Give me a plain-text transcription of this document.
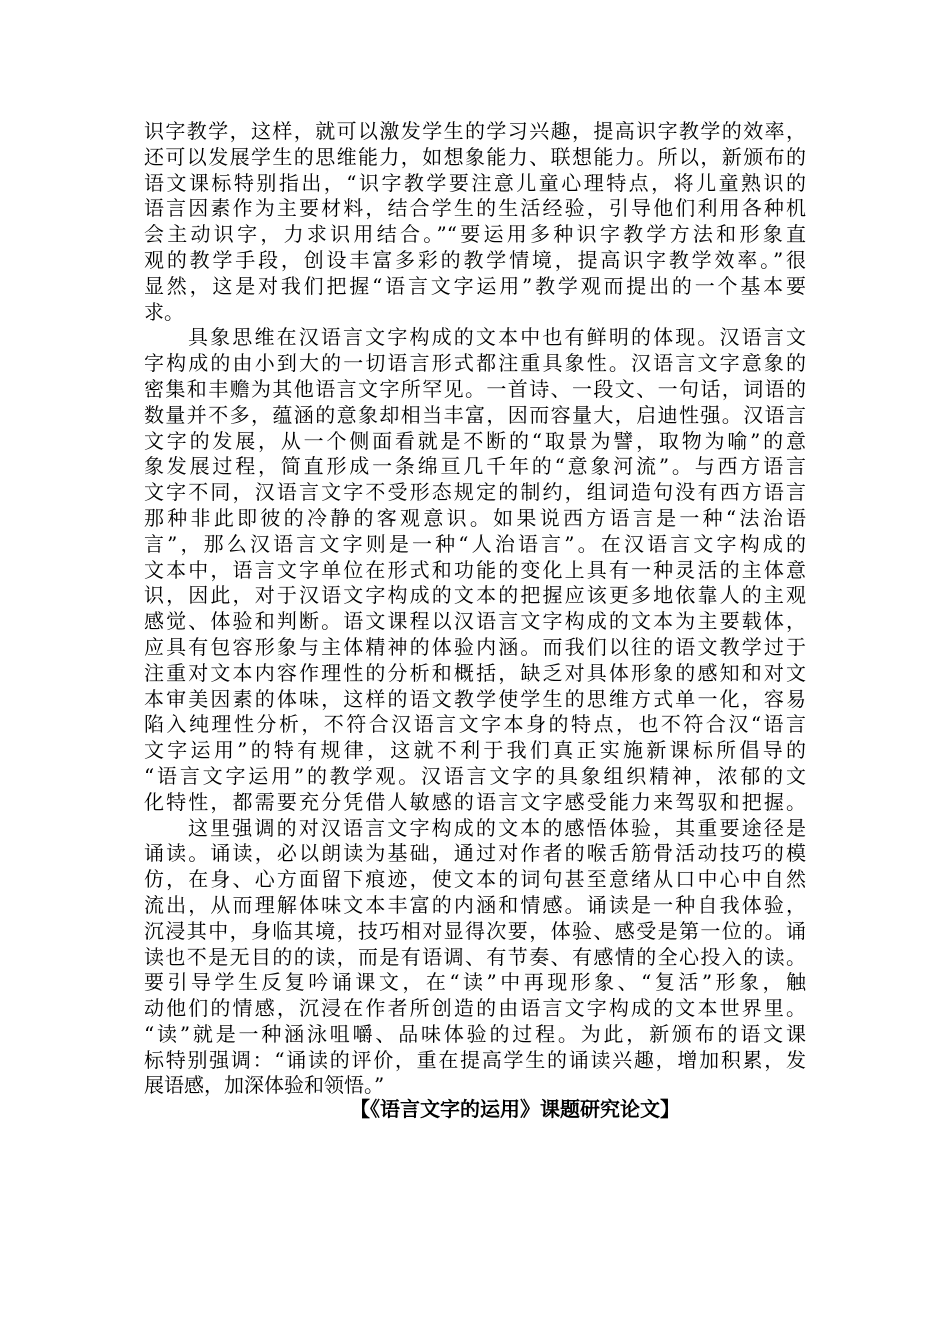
识字教学，这样，就可以激发学生的学习兴趣，提高识字教学的效率，
还可以发展学生的思维能力，如想象能力、联想能力。所以，新颁布的
语文课标特别指出，“识字教学要注意儿童心理特点，将儿童熟识的
语言因素作为主要材料，结合学生的生活经验，引导他们利用各种机
会主动识字，力求识用结合。”“要运用多种识字教学方法和形象直
观的教学手段，创设丰富多彩的教学情境，提高识字教学效率。”很
显然，这是对我们把握“语言文字运用”教学观而提出的一个基本要
求。
具象思维在汉语言文字构成的文本中也有鲜明的体现。汉语言文
字构成的由小到大的一切语言形式都注重具象性。汉语言文字意象的
密集和丰赡为其他语言文字所罕见。一首诗、一段文、一句话，词语的
数量并不多，蕴涵的意象却相当丰富，因而容量大，启迪性强。汉语言
文字的发展，从一个侧面看就是不断的“取景为譬，取物为喻”的意
象发展过程，简直形成一条绵亘几千年的“意象河流”。与西方语言
文字不同，汉语言文字不受形态规定的制约，组词造句没有西方语言
那种非此即彼的冷静的客观意识。如果说西方语言是一种“法治语
言”，那么汉语言文字则是一种“人治语言”。在汉语言文字构成的
文本中，语言文字单位在形式和功能的变化上具有一种灵活的主体意
识，因此，对于汉语文字构成的文本的把握应该更多地依靠人的主观
感觉、体验和判断。语文课程以汉语言文字构成的文本为主要载体，
应具有包容形象与主体精神的体验内涵。而我们以往的语文教学过于
注重对文本内容作理性的分析和概括，缺乏对具体形象的感知和对文
本审美因素的体味，这样的语文教学使学生的思维方式单一化，容易
陷入纯理性分析，不符合汉语言文字本身的特点，也不符合汉“语言
文字运用”的特有规律，这就不利于我们真正实施新课标所倡导的
“语言文字运用”的教学观。汉语言文字的具象组织精神，浓郁的文
化特性，都需要充分凭借人敏感的语言文字感受能力来驾驭和把握。
这里强调的对汉语言文字构成的文本的感悟体验，其重要途径是
诵读。诵读，必以朗读为基础，通过对作者的喉舌筋骨活动技巧的模
仿，在身、心方面留下痕迹，使文本的词句甚至意绪从口中心中自然
流出，从而理解体味文本丰富的内涵和情感。诵读是一种自我体验，
沉浸其中，身临其境，技巧相对显得次要，体验、感受是第一位的。诵
读也不是无目的的读，而是有语调、有节奏、有感情的全心投入的读。
要引导学生反复吟诵课文，在“读”中再现形象、“复活”形象，触
动他们的情感，沉浸在作者所创造的由语言文字构成的文本世界里。
“读”就是一种涵泳咀嚼、品味体验的过程。为此，新颁布的语文课
标特别强调：“诵读的评价，重在提高学生的诵读兴趣，增加积累，发
展语感，加深体验和领悟。”
【《语言文字的运用》课题研究论文】
